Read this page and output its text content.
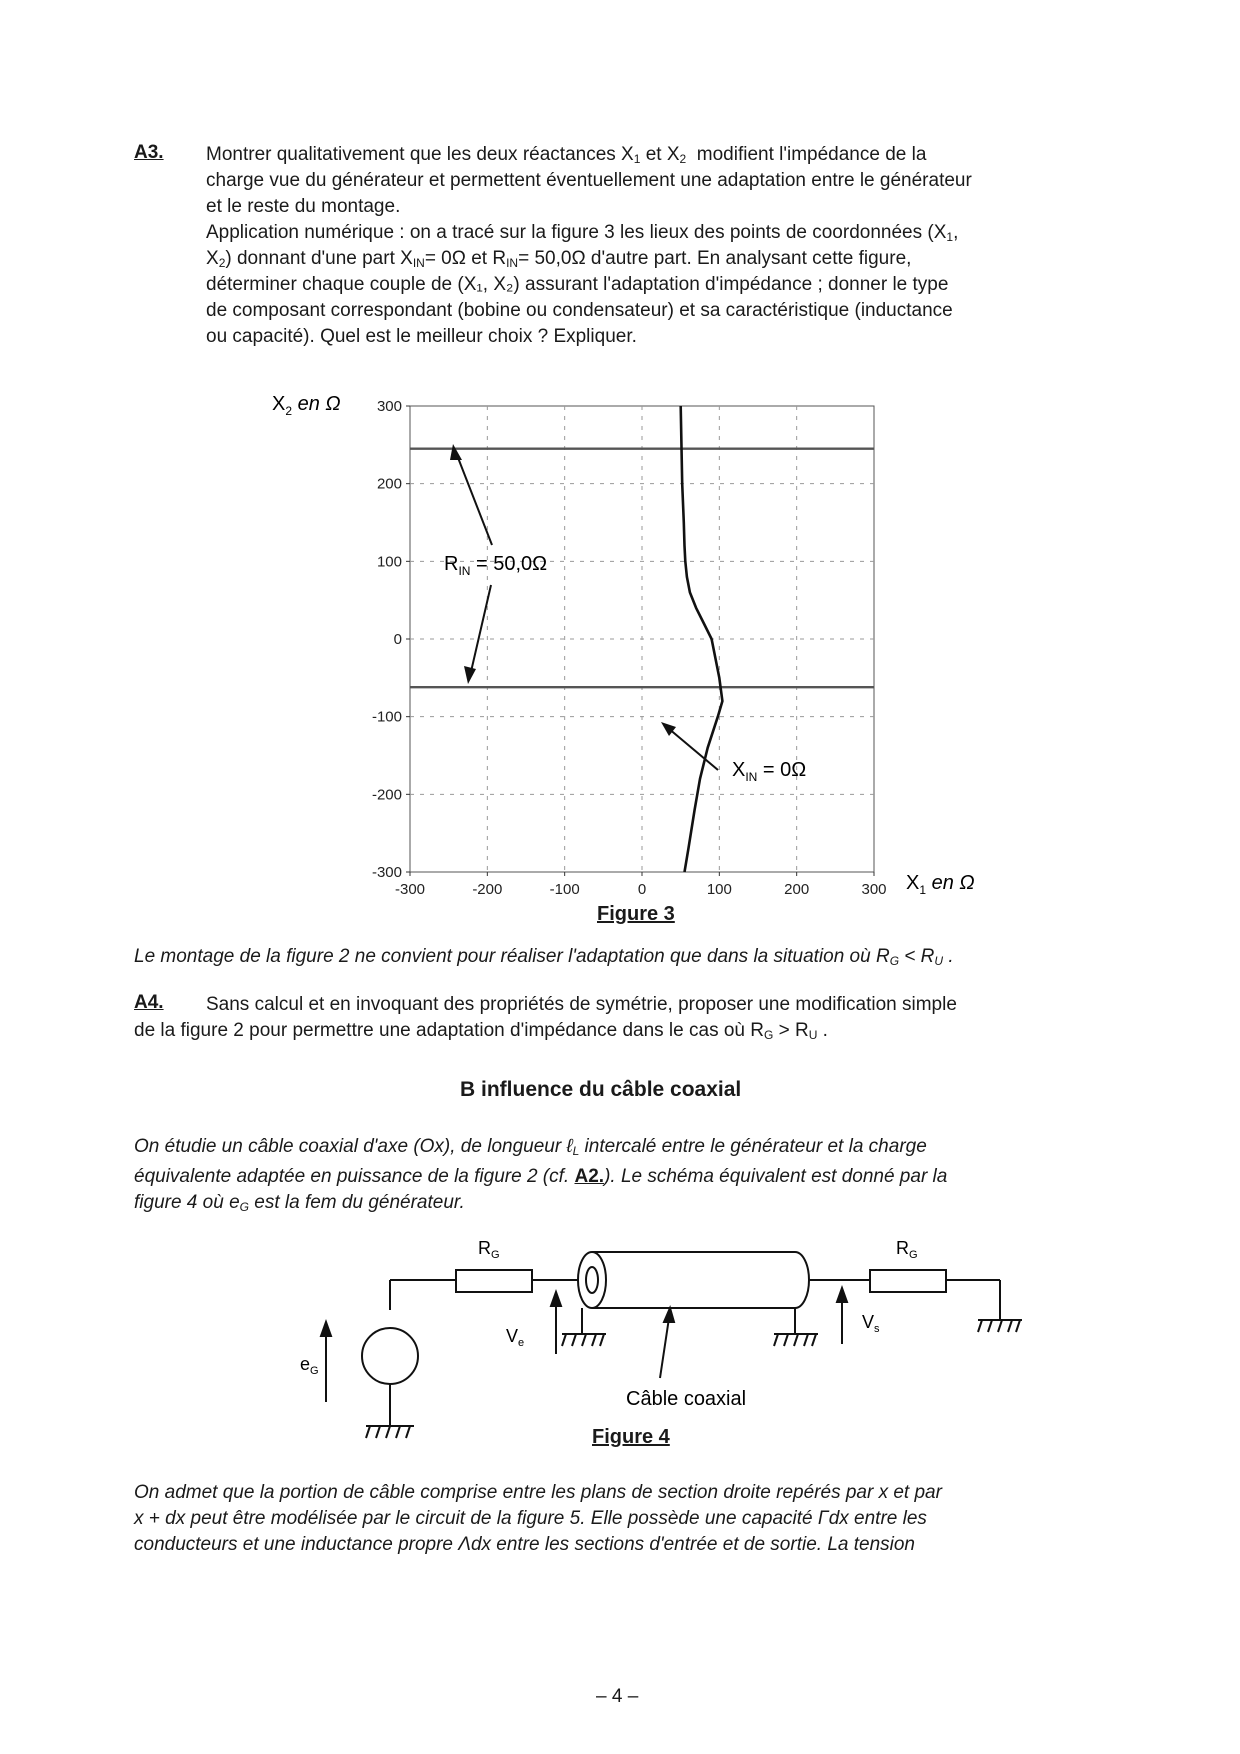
A3. Montrer qualitativement que les deux réactances $X_1$ et $X_2$ modifient l'impédance de la
charge vue du générateur et permettent éventuellement une adaptation entre le générateur
et le reste du montage.
Application numérique : on a tracé sur la figure 3 les lieux des points de coordonnées ($X_1$,
$X_2$) donnant d'une part $X_{IN}= 0\Omega$ et $R_{IN}= 50,0\Omega$ d'autre part. En analysant cette figure,
déterminer chaque couple de (X₁, X₂) assurant l'adaptation d'impédance ; donner le type
de composant correspondant (bobine ou condensateur) et sa caractéristique (inductance
ou capacité). Quel est le meilleur choix ? Expliquer.
$X_2$ en Ω 300
200
100
0
-100
-200
-300
-300	-200	-100	0	100	200	300
$R_{IN} = 50,0\Omega$
$X_{IN} = 0\Omega$
$X_1$ en Ω
Figure 3
Le montage de la figure 2 ne convient pour réaliser l'adaptation que dans la situation où $R_G < R_U$ .
A4. Sans calcul et en invoquant des propriétés de symétrie, proposer une modification simple
de la figure 2 pour permettre une adaptation d'impédance dans le cas où $R_G > R_U$ .
B influence du câble coaxial
On étudie un câble coaxial d'axe (Ox), de longueur ℓ$_L$ intercalé entre le générateur et la charge
équivalente adaptée en puissance de la figure 2 (cf. A2.). Le schéma équivalent est donné par la
figure 4 où $e_G$ est la fem du générateur.
$R_G$	$R_G$
$V_e$
$V_s$
$e_G$
Câble coaxial
Figure 4
On admet que la portion de câble comprise entre les plans de section droite repérés par x et par
x + dx peut être modélisée par le circuit de la figure 5. Elle possède une capacité Γdx entre les
conducteurs et une inductance propre Λdx entre les sections d'entrée et de sortie. La tension
– 4 –
